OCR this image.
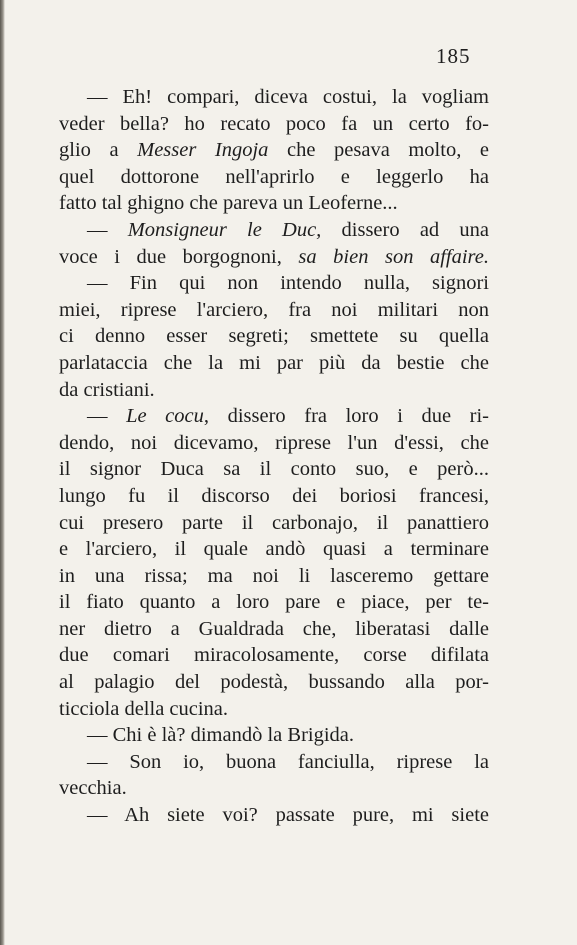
185
— Eh! compari, diceva costui, la vogliam
veder bella? ho recato poco fa un certo fo-
glio a Messer Ingoja che pesava molto, e
quel dottorone nell'aprirlo e leggerlo ha
fatto tal ghigno che pareva un Leoferne...
— Monsigneur le Duc, dissero ad una
voce i due borgognoni, sa bien son affaire.
— Fin qui non intendo nulla, signori
miei, riprese l'arciero, fra noi militari non
ci denno esser segreti; smettete su quella
parlataccia che la mi par più da bestie che
da cristiani.
— Le cocu, dissero fra loro i due ri-
dendo, noi dicevamo, riprese l'un d'essi, che
il signor Duca sa il conto suo, e però...
lungo fu il discorso dei boriosi francesi,
cui presero parte il carbonajo, il panattiero
e l'arciero, il quale andò quasi a terminare
in una rissa; ma noi li lasceremo gettare
il fiato quanto a loro pare e piace, per te-
ner dietro a Gualdrada che, liberatasi dalle
due comari miracolosamente, corse difilata
al palagio del podestà, bussando alla por-
ticciola della cucina.
— Chi è là? dimandò la Brigida.
— Son io, buona fanciulla, riprese la
vecchia.
— Ah siete voi? passate pure, mi siete
